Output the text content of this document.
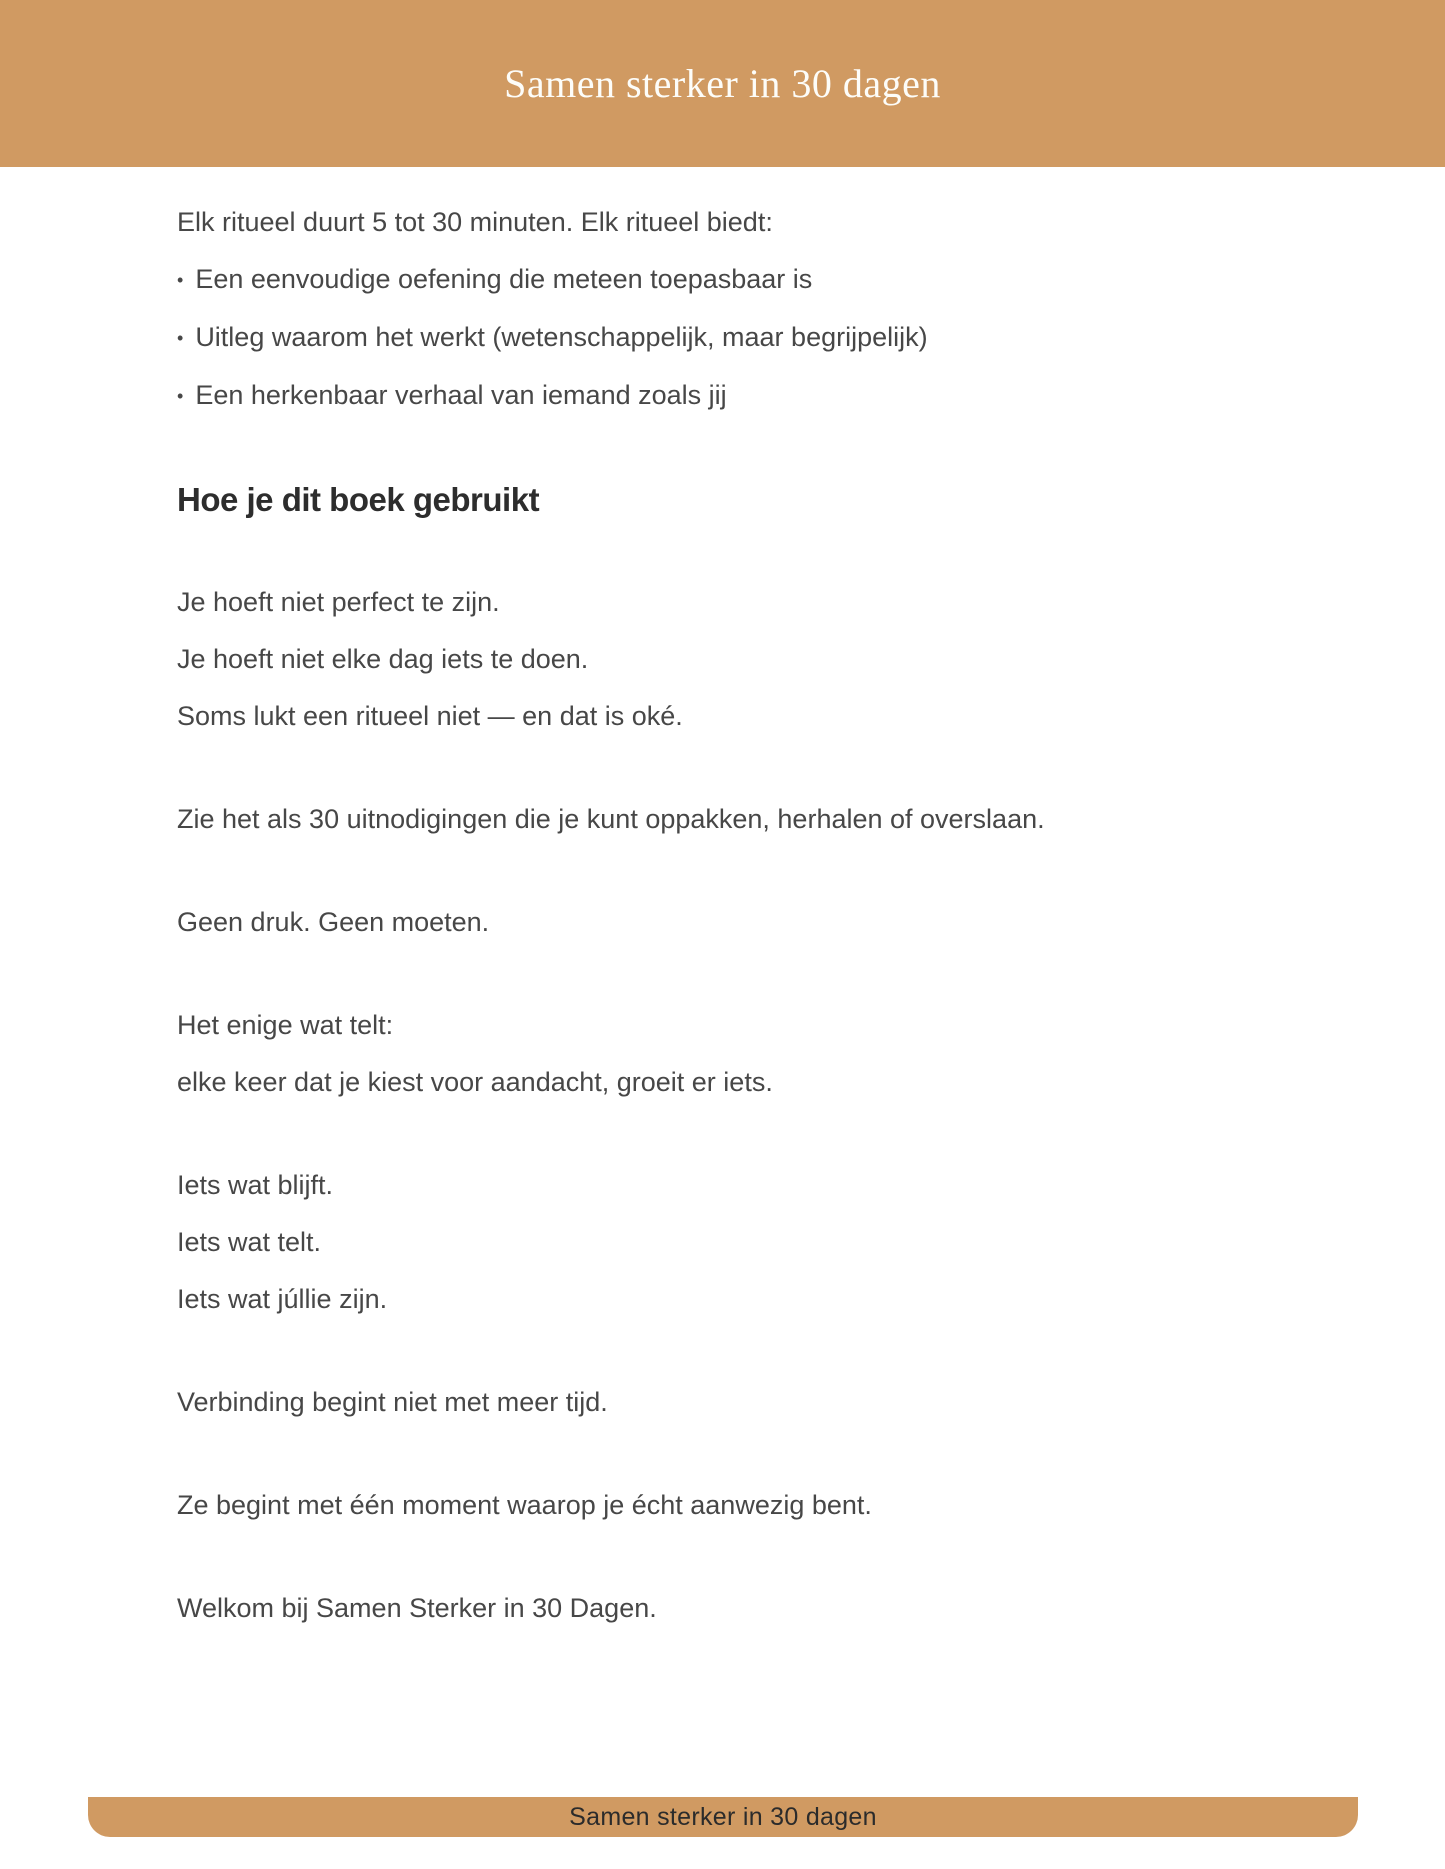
Samen sterker in 30 dagen
Elk ritueel duurt 5 tot 30 minuten. Elk ritueel biedt:
• Een eenvoudige oefening die meteen toepasbaar is
• Uitleg waarom het werkt (wetenschappelijk, maar begrijpelijk)
• Een herkenbaar verhaal van iemand zoals jij
Hoe je dit boek gebruikt
Je hoeft niet perfect te zijn.
Je hoeft niet elke dag iets te doen.
Soms lukt een ritueel niet — en dat is oké.
Zie het als 30 uitnodigingen die je kunt oppakken, herhalen of overslaan.
Geen druk. Geen moeten.
Het enige wat telt:
elke keer dat je kiest voor aandacht, groeit er iets.
Iets wat blijft.
Iets wat telt.
Iets wat júllie zijn.
Verbinding begint niet met meer tijd.
Ze begint met één moment waarop je écht aanwezig bent.
Welkom bij Samen Sterker in 30 Dagen.
Samen sterker in 30 dagen
